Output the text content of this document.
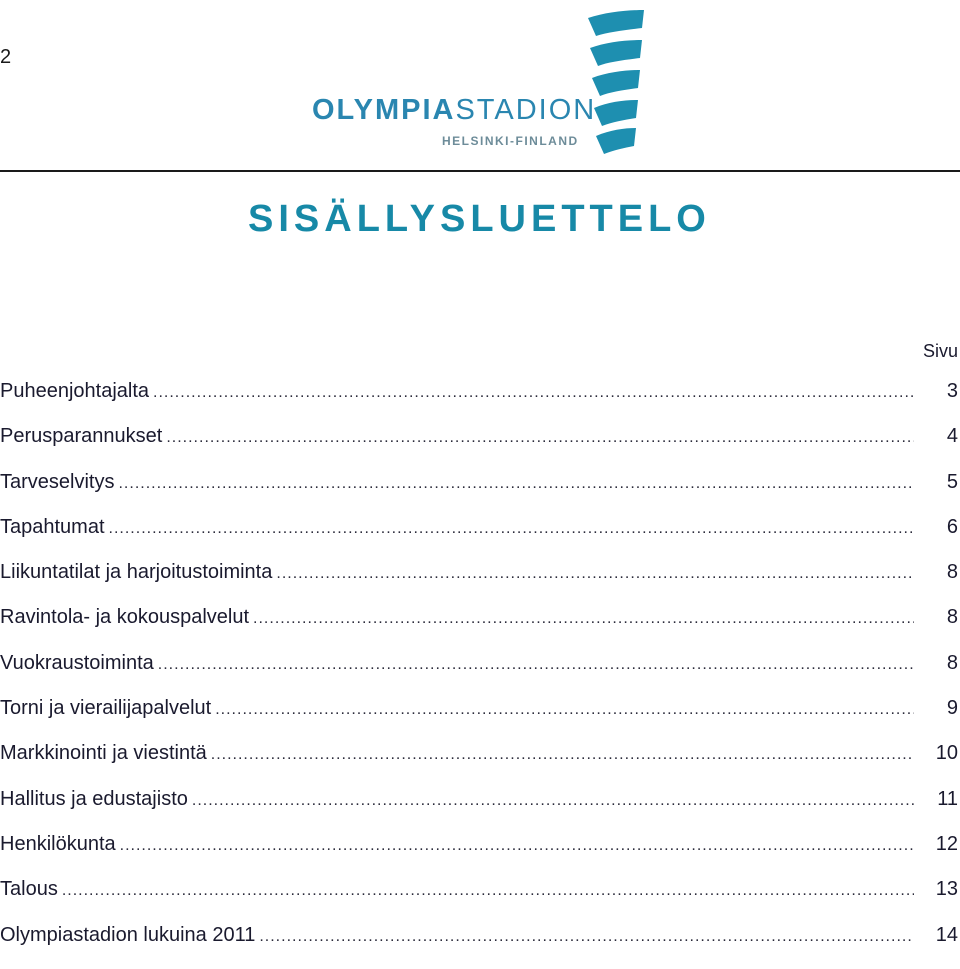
2
OLYMPIASTADION
HELSINKI-FINLAND
SISÄLLYSLUETTELO
Sivu
Puheenjohtajalta .....	3
Perusparannukset .....	4
Tarveselvitys .....	5
Tapahtumat .....	6
Liikuntatilat ja harjoitustoiminta .....	8
Ravintola- ja kokouspalvelut .....	8
Vuokraustoiminta .....	8
Torni ja vierailijapalvelut .....	9
Markkinointi ja viestintä .....	10
Hallitus ja edustajisto .....	11
Henkilökunta .....	12
Talous .....	13
Olympiastadion lukuina 2011 .....	14
